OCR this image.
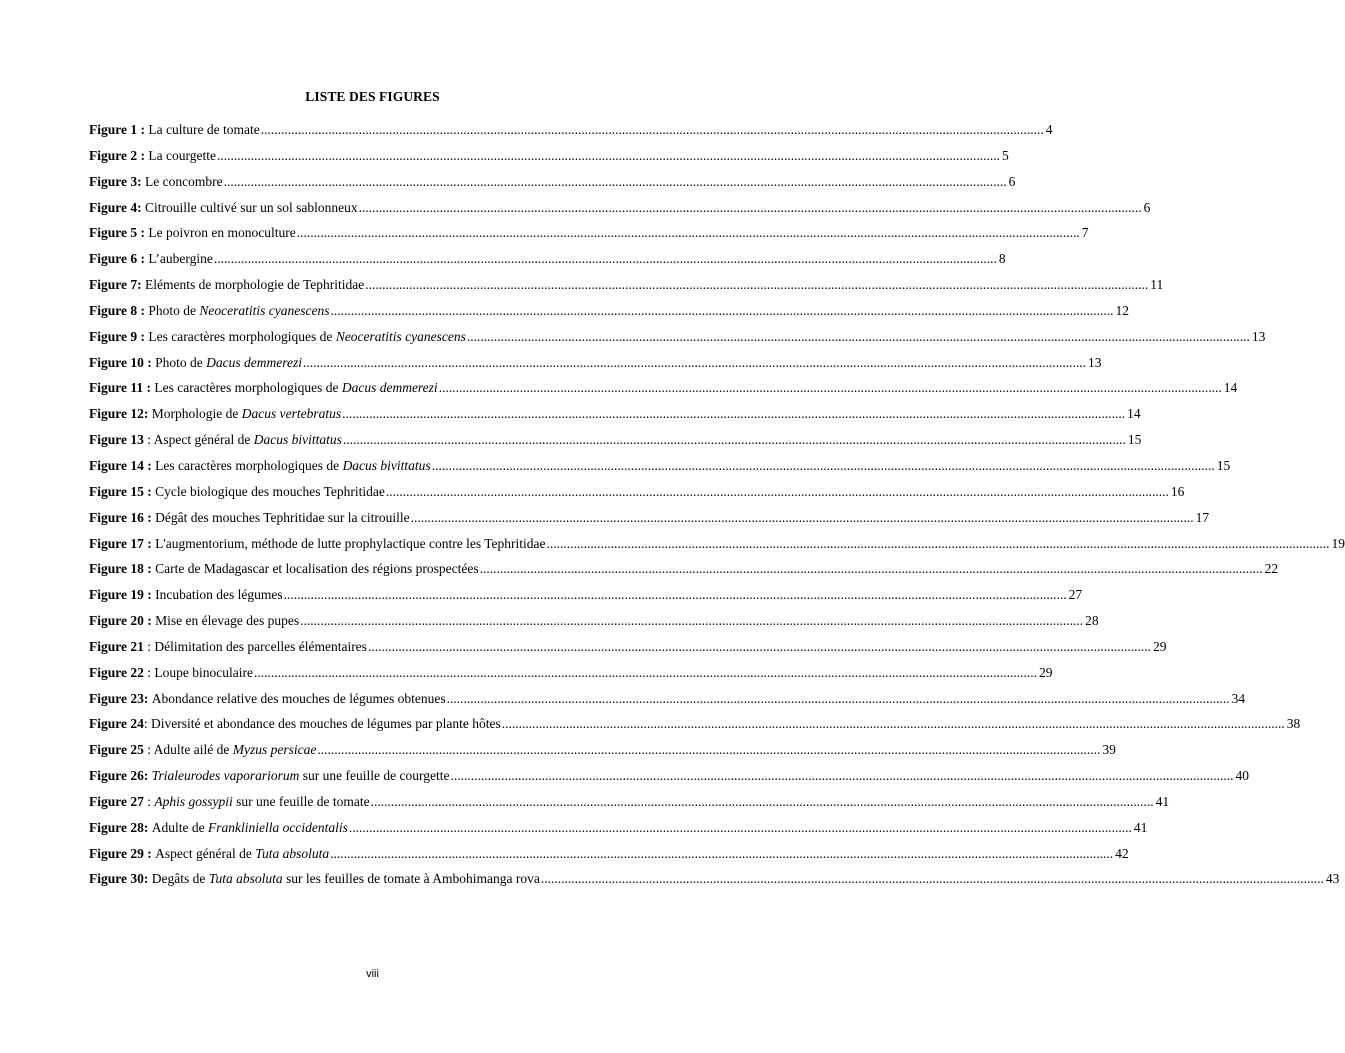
LISTE DES FIGURES
Figure 1 : La culture de tomate .....	4
Figure 2 : La courgette .....	5
Figure 3: Le concombre .....	6
Figure 4: Citrouille cultivé sur un sol sablonneux .....	6
Figure 5 : Le poivron en monoculture .....	7
Figure 6 : L’aubergine .....	8
Figure 7: Eléments de morphologie de Tephritidae .....	11
Figure 8 : Photo de Neoceratitis cyanescens .....	12
Figure 9 : Les caractères morphologiques de Neoceratitis cyanescens .....	13
Figure 10 : Photo de Dacus demmerezi .....	13
Figure 11 : Les caractères morphologiques de Dacus demmerezi .....	14
Figure 12: Morphologie de Dacus vertebratus .....	14
Figure 13 : Aspect général de Dacus bivittatus .....	15
Figure 14 : Les caractères morphologiques de Dacus bivittatus .....	15
Figure 15 : Cycle biologique des mouches Tephritidae .....	16
Figure 16 : Dégât des mouches Tephritidae sur la citrouille .....	17
Figure 17 : L'augmentorium, méthode de lutte prophylactique contre les Tephritidae .....	19
Figure 18 : Carte de Madagascar et localisation des régions prospectées .....	22
Figure 19 : Incubation des légumes .....	27
Figure 20 : Mise en élevage des pupes .....	28
Figure 21 : Délimitation des parcelles élémentaires .....	29
Figure 22 : Loupe binoculaire .....	29
Figure 23: Abondance relative des mouches de légumes obtenues .....	34
Figure 24: Diversité et abondance des mouches de légumes par plante hôtes .....	38
Figure 25 : Adulte ailé de Myzus persicae .....	39
Figure 26: Trialeurodes vaporariorum sur une feuille de courgette .....	40
Figure 27 : Aphis gossypii sur une feuille de tomate .....	41
Figure 28: Adulte de Frankliniella occidentalis .....	41
Figure 29 : Aspect général de Tuta absoluta .....	42
Figure 30: Degâts de Tuta absoluta sur les feuilles de tomate à Ambohimanga rova .....	43
viii
